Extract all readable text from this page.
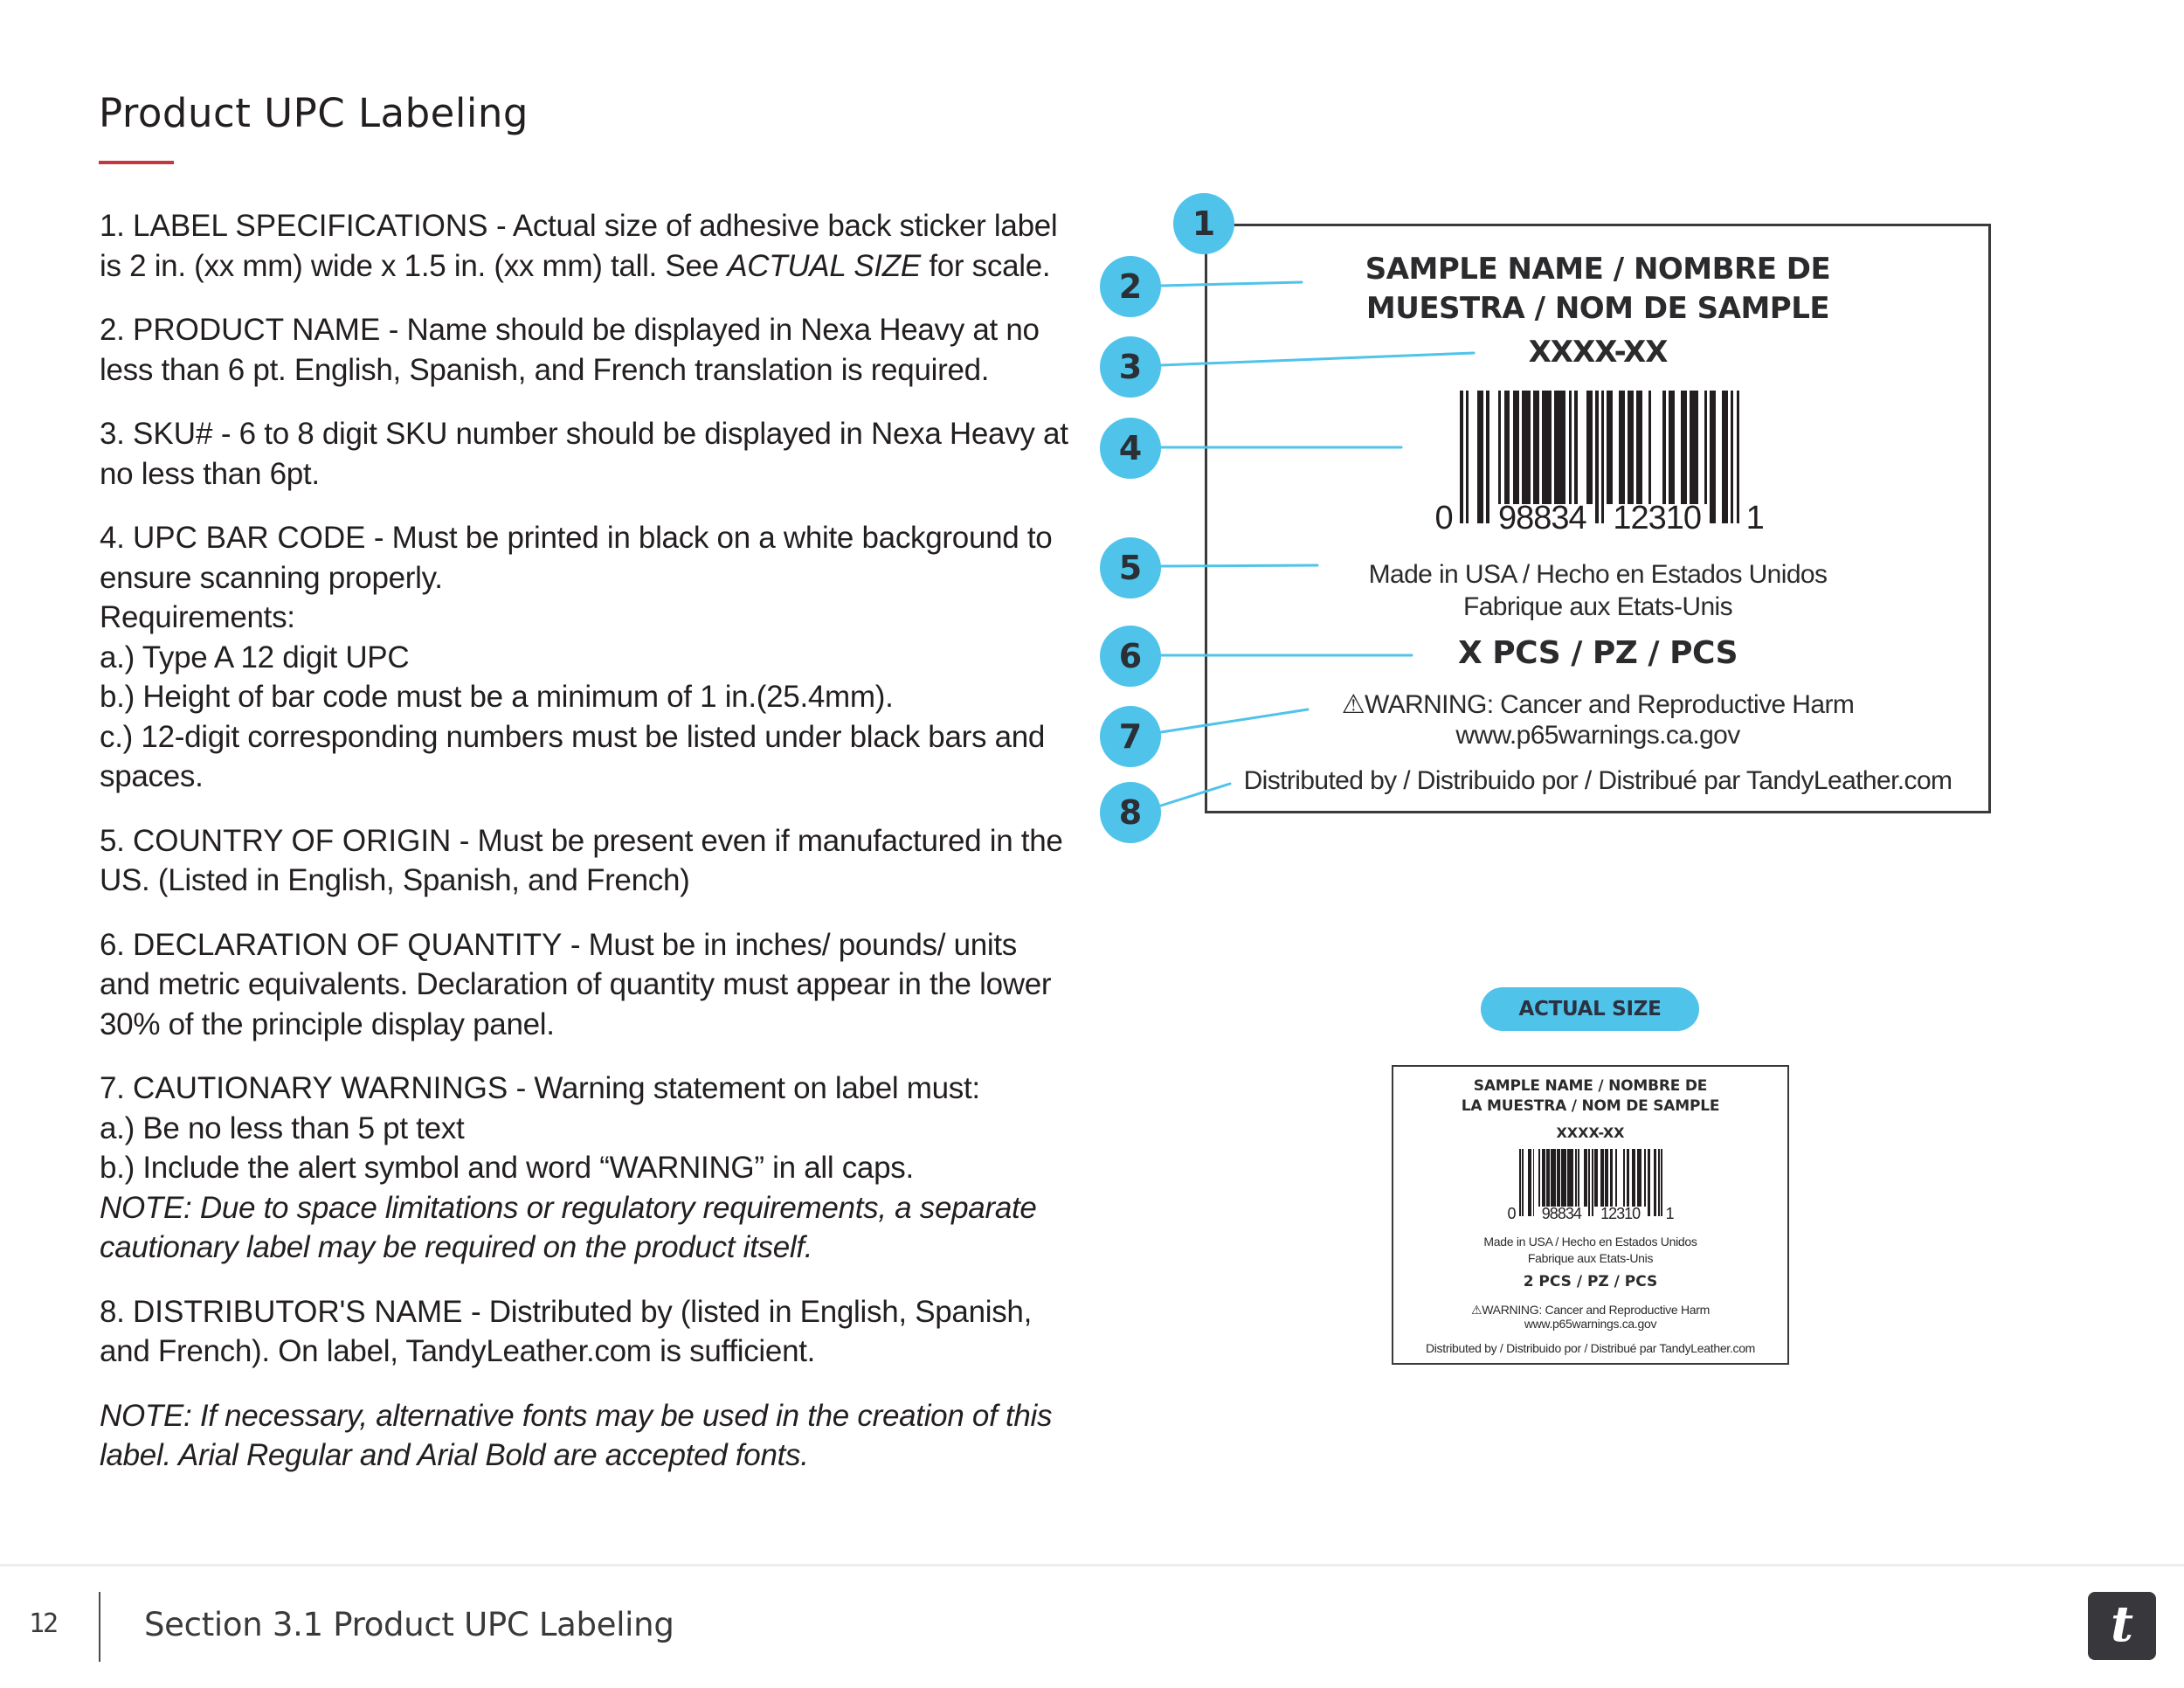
Product UPC Labeling
1. LABEL SPECIFICATIONS - Actual size of adhesive back sticker label is 2 in. (xx mm) wide x 1.5 in. (xx mm) tall. See ACTUAL SIZE for scale.
2. PRODUCT NAME - Name should be displayed in Nexa Heavy at no less than 6 pt. English, Spanish, and French translation is required.
3. SKU# - 6 to 8 digit SKU number should be displayed in Nexa Heavy at no less than 6pt.
4. UPC BAR CODE - Must be printed in black on a white background to ensure scanning properly.
Requirements:
a.) Type A 12 digit UPC
b.) Height of bar code must be a minimum of 1 in.(25.4mm).
c.) 12-digit corresponding numbers must be listed under black bars and spaces.
5. COUNTRY OF ORIGIN - Must be present even if manufactured in the US. (Listed in English, Spanish, and French)
6. DECLARATION OF QUANTITY - Must be in inches/ pounds/ units and metric equivalents. Declaration of quantity must appear in the lower 30% of the principle display panel.
7. CAUTIONARY WARNINGS - Warning statement on label must:
a.) Be no less than 5 pt text
b.) Include the alert symbol and word “WARNING” in all caps.
NOTE: Due to space limitations or regulatory requirements, a separate cautionary label may be required on the product itself.
8. DISTRIBUTOR'S NAME - Distributed by (listed in English, Spanish, and French). On label, TandyLeather.com is sufficient.
NOTE: If necessary, alternative fonts may be used in the creation of this label. Arial Regular and Arial Bold are accepted fonts.
SAMPLE NAME / NOMBRE DE
MUESTRA / NOM DE SAMPLE
XXXX-XX
0 98834 12310 1
Made in USA / Hecho en Estados Unidos
Fabrique aux Etats-Unis
X PCS / PZ / PCS
⚠WARNING: Cancer and Reproductive Harm
www.p65warnings.ca.gov
Distributed by / Distribuido por / Distribué par TandyLeather.com
1
2
3
4
5
6
7
8
ACTUAL SIZE
SAMPLE NAME / NOMBRE DE
LA MUESTRA / NOM DE SAMPLE
XXXX-XX
0	98834	12310	1
Made in USA / Hecho en Estados Unidos
Fabrique aux Etats-Unis
2 PCS / PZ / PCS
⚠WARNING: Cancer and Reproductive Harm
www.p65warnings.ca.gov
Distributed by / Distribuido por / Distribué par TandyLeather.com
12	Section 3.1 Product UPC Labeling	t
